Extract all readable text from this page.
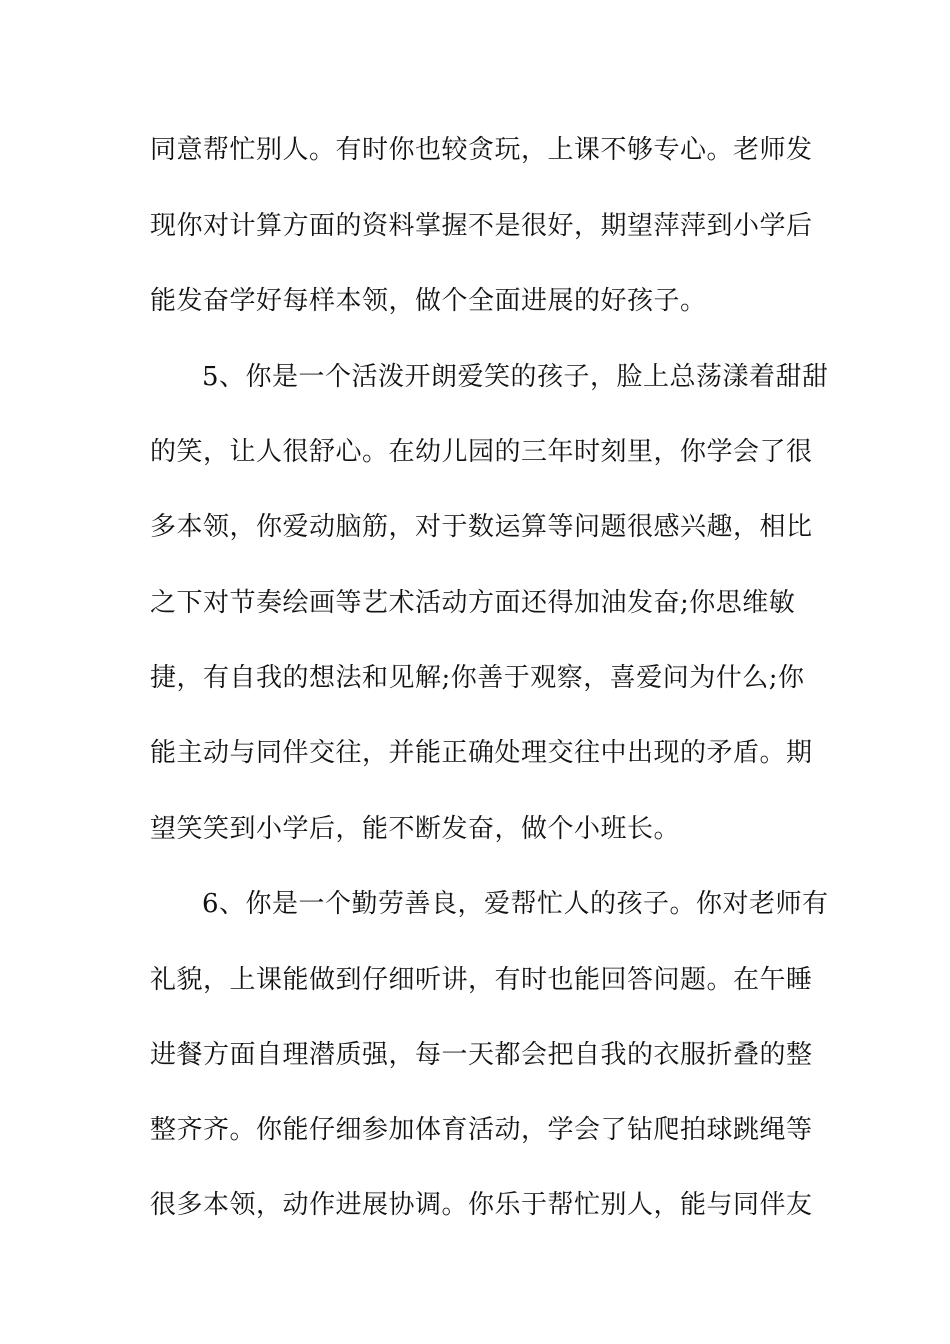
同意帮忙别人。有时你也较贪玩，上课不够专心。老师发
现你对计算方面的资料掌握不是很好，期望萍萍到小学后
能发奋学好每样本领，做个全面进展的好孩子。
5、你是一个活泼开朗爱笑的孩子，脸上总荡漾着甜甜
的笑，让人很舒心。在幼儿园的三年时刻里，你学会了很
多本领，你爱动脑筋，对于数运算等问题很感兴趣，相比
之下对节奏绘画等艺术活动方面还得加油发奋;你思维敏
捷，有自我的想法和见解;你善于观察，喜爱问为什么;你
能主动与同伴交往，并能正确处理交往中出现的矛盾。期
望笑笑到小学后，能不断发奋，做个小班长。
6、你是一个勤劳善良，爱帮忙人的孩子。你对老师有
礼貌，上课能做到仔细听讲，有时也能回答问题。在午睡
进餐方面自理潜质强，每一天都会把自我的衣服折叠的整
整齐齐。你能仔细参加体育活动，学会了钻爬拍球跳绳等
很多本领，动作进展协调。你乐于帮忙别人，能与同伴友
